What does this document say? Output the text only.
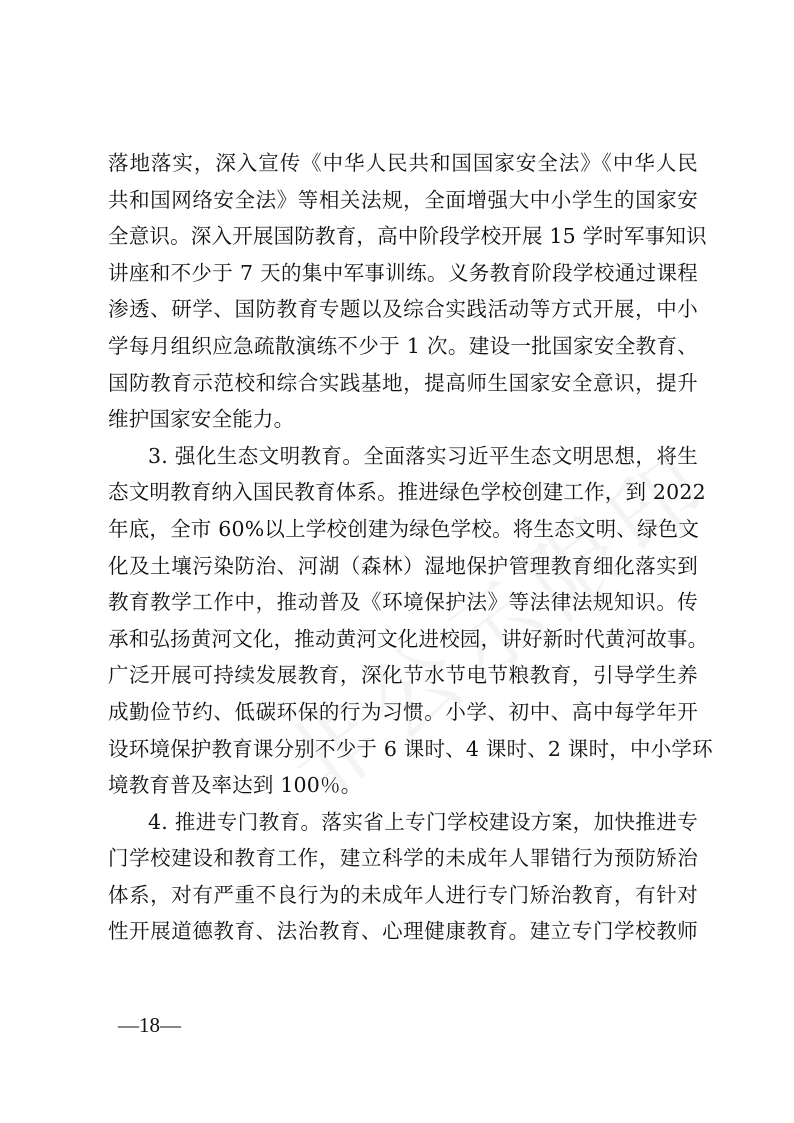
落地落实，深入宣传《中华人民共和国国家安全法》《中华人民
共和国网络安全法》等相关法规，全面增强大中小学生的国家安
全意识。深入开展国防教育，高中阶段学校开展 15 学时军事知识
讲座和不少于 7 天的集中军事训练。义务教育阶段学校通过课程
渗透、研学、国防教育专题以及综合实践活动等方式开展，中小
学每月组织应急疏散演练不少于 1 次。建设一批国家安全教育、
国防教育示范校和综合实践基地，提高师生国家安全意识，提升
维护国家安全能力。
3. 强化生态文明教育。全面落实习近平生态文明思想，将生
态文明教育纳入国民教育体系。推进绿色学校创建工作，到 2022
年底，全市 60%以上学校创建为绿色学校。将生态文明、绿色文
化及土壤污染防治、河湖（森林）湿地保护管理教育细化落实到
教育教学工作中，推动普及《环境保护法》等法律法规知识。传
承和弘扬黄河文化，推动黄河文化进校园，讲好新时代黄河故事。
广泛开展可持续发展教育，深化节水节电节粮教育，引导学生养
成勤俭节约、低碳环保的行为习惯。小学、初中、高中每学年开
设环境保护教育课分别不少于 6 课时、4 课时、2 课时，中小学环
境教育普及率达到 100％。
4. 推进专门教育。落实省上专门学校建设方案，加快推进专
门学校建设和教育工作，建立科学的未成年人罪错行为预防矫治
体系，对有严重不良行为的未成年人进行专门矫治教育，有针对
性开展道德教育、法治教育、心理健康教育。建立专门学校教师
—18—
